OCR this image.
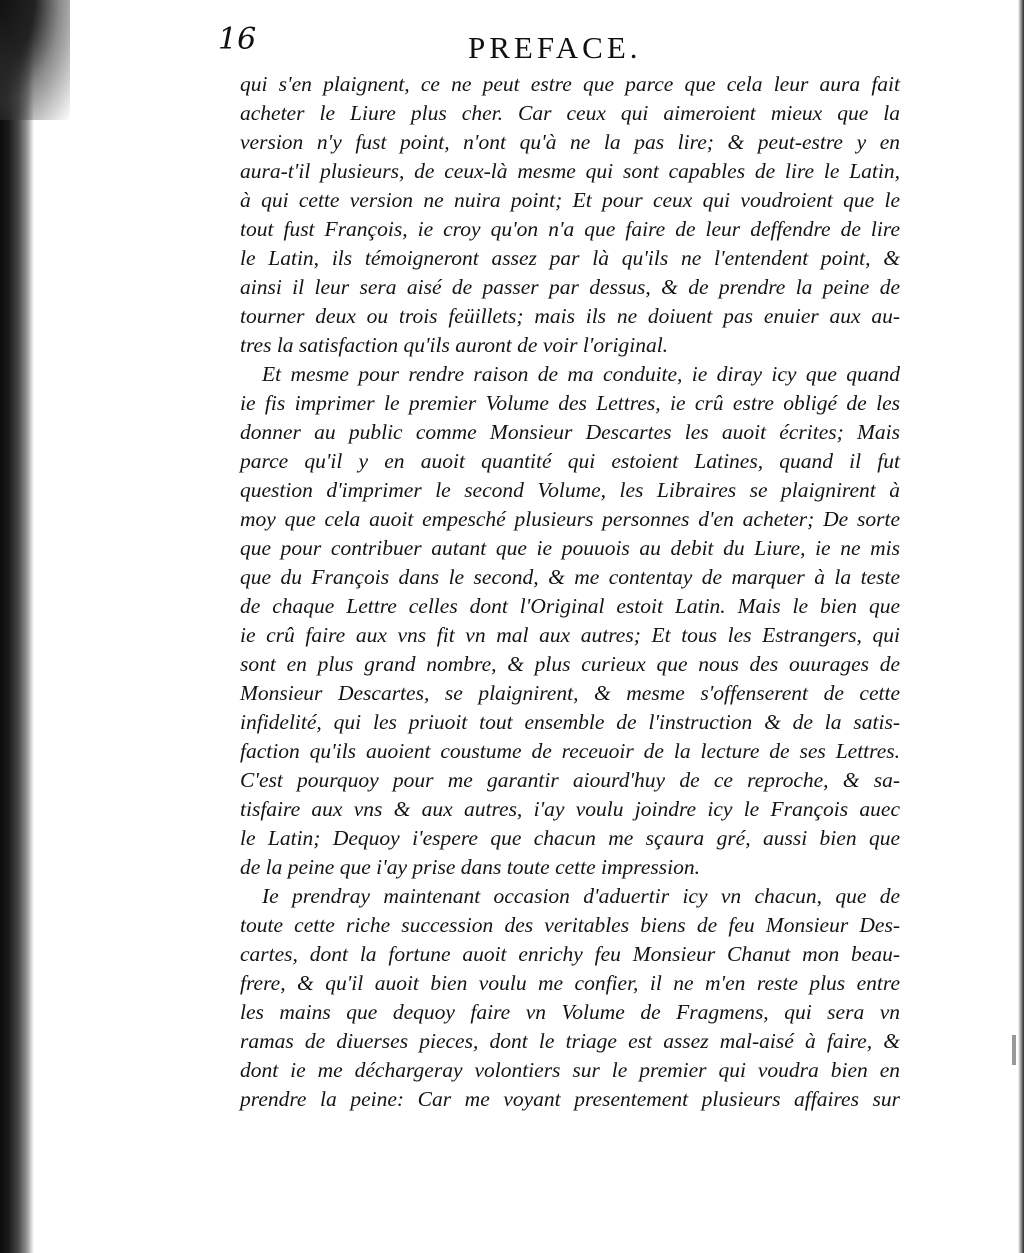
16	PREFACE.
qui s'en plaignent, ce ne peut estre que parce que cela leur aura fait
acheter le Liure plus cher. Car ceux qui aimeroient mieux que la
version n'y fust point, n'ont qu'à ne la pas lire; & peut-estre y en
aura-t'il plusieurs, de ceux-là mesme qui sont capables de lire le Latin,
à qui cette version ne nuira point; Et pour ceux qui voudroient que le
tout fust François, ie croy qu'on n'a que faire de leur deffendre de lire
le Latin, ils témoigneront assez par là qu'ils ne l'entendent point, &
ainsi il leur sera aisé de passer par dessus, & de prendre la peine de
tourner deux ou trois feüillets; mais ils ne doiuent pas enuier aux au-
tres la satisfaction qu'ils auront de voir l'original.
Et mesme pour rendre raison de ma conduite, ie diray icy que quand
ie fis imprimer le premier Volume des Lettres, ie crû estre obligé de les
donner au public comme Monsieur Descartes les auoit écrites; Mais
parce qu'il y en auoit quantité qui estoient Latines, quand il fut
question d'imprimer le second Volume, les Libraires se plaignirent à
moy que cela auoit empesché plusieurs personnes d'en acheter; De sorte
que pour contribuer autant que ie pouuois au debit du Liure, ie ne mis
que du François dans le second, & me contentay de marquer à la teste
de chaque Lettre celles dont l'Original estoit Latin. Mais le bien que
ie crû faire aux vns fit vn mal aux autres; Et tous les Estrangers, qui
sont en plus grand nombre, & plus curieux que nous des ouurages de
Monsieur Descartes, se plaignirent, & mesme s'offenserent de cette
infidelité, qui les priuoit tout ensemble de l'instruction & de la satis-
faction qu'ils auoient coustume de receuoir de la lecture de ses Lettres.
C'est pourquoy pour me garantir aiourd'huy de ce reproche, & sa-
tisfaire aux vns & aux autres, i'ay voulu joindre icy le François auec
le Latin; Dequoy i'espere que chacun me sçaura gré, aussi bien que
de la peine que i'ay prise dans toute cette impression.
Ie prendray maintenant occasion d'aduertir icy vn chacun, que de
toute cette riche succession des veritables biens de feu Monsieur Des-
cartes, dont la fortune auoit enrichy feu Monsieur Chanut mon beau-
frere, & qu'il auoit bien voulu me confier, il ne m'en reste plus entre
les mains que dequoy faire vn Volume de Fragmens, qui sera vn
ramas de diuerses pieces, dont le triage est assez mal-aisé à faire, &
dont ie me déchargeray volontiers sur le premier qui voudra bien en
prendre la peine: Car me voyant presentement plusieurs affaires sur
